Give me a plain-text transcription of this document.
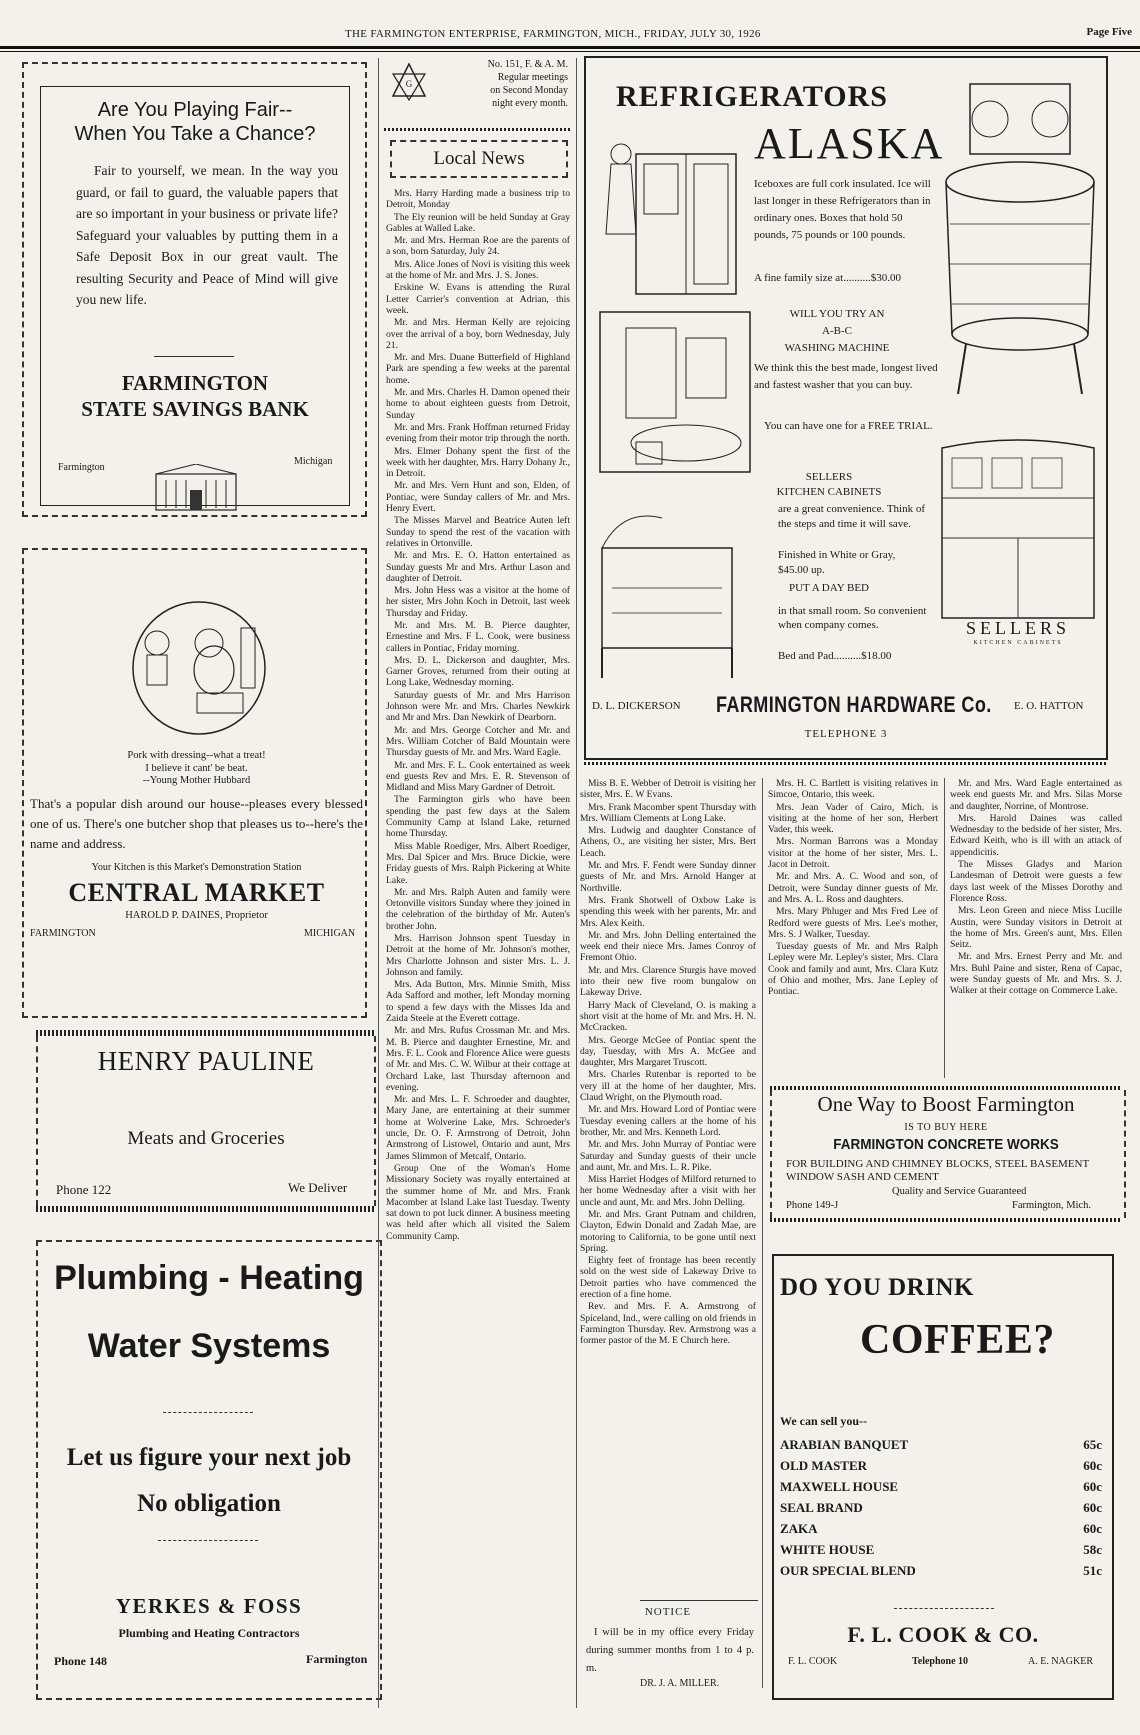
THE FARMINGTON ENTERPRISE, FARMINGTON, MICH., FRIDAY, JULY 30, 1926	Page Five
Are You Playing Fair--
When You Take a Chance?
Fair to yourself, we mean. In the way you guard, or fail to guard, the valuable papers that are so important in your business or private life? Safeguard your valuables by putting them in a Safe Deposit Box in our great vault. The resulting Security and Peace of Mind will give you new life.
FARMINGTON
STATE SAVINGS BANK
Farmington
Michigan
Pork with dressing--what a treat!
I believe it cant' be beat.
--Young Mother Hubbard
That's a popular dish around our house--pleases every blessed one of us. There's one butcher shop that pleases us to--here's the name and address.
Your Kitchen is this Market's Demonstration Station
CENTRAL MARKET
HAROLD P. DAINES, Proprietor
FARMINGTON	MICHIGAN
HENRY PAULINE
Meats and Groceries
Phone 122	We Deliver
Plumbing - Heating
Water Systems
Let us figure your next job
No obligation
YERKES & FOSS
Plumbing and Heating Contractors
Phone 148	Farmington
G
No. 151, F. & A. M.
Regular meetings
on Second Monday
night every month.
Local News

Mrs. Harry Harding made a business trip to Detroit, Monday

The Ely reunion will be held Sunday at Gray Gables at Walled Lake.

Mr. and Mrs. Herman Roe are the parents of a son, born Saturday, July 24.

Mrs. Alice Jones of Novi is visiting this week at the home of Mr. and Mrs. J. S. Jones.

Erskine W. Evans is attending the Rural Letter Carrier's convention at Adrian, this week.

Mr. and Mrs. Herman Kelly are rejoicing over the arrival of a boy, born Wednesday, July 21.

Mr. and Mrs. Duane Butterfield of Highland Park are spending a few weeks at the parental home.

Mr. and Mrs. Charles H. Damon opened their home to about eighteen guests from Detroit, Sunday

Mr. and Mrs. Frank Hoffman returned Friday evening from their motor trip through the north.

Mrs. Elmer Dohany spent the first of the week with her daughter, Mrs. Harry Dohany Jr., in Detroit.

Mr. and Mrs. Vern Hunt and son, Elden, of Pontiac, were Sunday callers of Mr. and Mrs. Henry Evert.

The Misses Marvel and Beatrice Auten left Sunday to spend the rest of the vacation with relatives in Ortonville.

Mr. and Mrs. E. O. Hatton entertained as Sunday guests Mr and Mrs. Arthur Lason and daughter of Detroit.

Mrs. John Hess was a visitor at the home of her sister, Mrs John Koch in Detroit, last week Thursday and Friday.

Mr. and Mrs. M. B. Pierce daughter, Ernestine and Mrs. F L. Cook, were business callers in Pontiac, Friday morning.

Mrs. D. L. Dickerson and daughter, Mrs. Garner Groves, returned from their outing at Long Lake, Wednesday morning.

Saturday guests of Mr. and Mrs Harrison Johnson were Mr. and Mrs. Charles Newkirk and Mr and Mrs. Dan Newkirk of Dearborn.

Mr. and Mrs. George Cotcher and Mr. and Mrs. William Cotcher of Bald Mountain were Thursday guests of Mr. and Mrs. Ward Eagle.

Mr. and Mrs. F. L. Cook entertained as week end guests Rev and Mrs. E. R. Stevenson of Midland and Miss Mary Gardner of Detroit.

The Farmington girls who have been spending the past few days at the Salem Community Camp at Island Lake, returned home Thursday.

Miss Mable Roediger, Mrs. Albert Roediger, Mrs. Dal Spicer and Mrs. Bruce Dickie, were Friday guests of Mrs. Ralph Pickering at White Lake.

Mr. and Mrs. Ralph Auten and family were Ortonville visitors Sunday where they joined in the celebration of the birthday of Mr. Auten's brother John.

Mrs. Harrison Johnson spent Tuesday in Detroit at the home of Mr. Johnson's mother, Mrs Charlotte Johnson and sister Mrs. L. J. Johnson and family.

Mrs. Ada Button, Mrs. Minnie Smith, Miss Ada Safford and mother, left Monday morning to spend a few days with the Misses Ida and Zaida Steele at the Everett cottage.

Mr. and Mrs. Rufus Crossman Mr. and Mrs. M. B. Pierce and daughter Ernestine, Mr. and Mrs. F. L. Cook and Florence Alice were guests of Mr. and Mrs. C. W. Wilbur at their cottage at Orchard Lake, last Thursday afternoon and evening.

Mr. and Mrs. L. F. Schroeder and daughter, Mary Jane, are entertaining at their summer home at Wolverine Lake, Mrs. Schroeder's uncle, Dr. O. F. Armstrong of Detroit, John Armstrong of Listowel, Ontario and aunt, Mrs James Slimmon of Metcalf, Ontario.

Group One of the Woman's Home Missionary Society was royally entertained at the summer home of Mr. and Mrs. Frank Macomber at Island Lake last Tuesday. Twenty sat down to pot luck dinner. A business meeting was held after which all visited the Salem Community Camp.

REFRIGERATORS
ALASKA
Iceboxes are full cork insulated. Ice will last longer in these Refrigerators than in ordinary ones. Boxes that hold 50 pounds, 75 pounds or 100 pounds.
A fine family size at..........$30.00
WILL YOU TRY AN
A-B-C
WASHING MACHINE
We think this the best made, longest lived and fastest washer that you can buy.
You can have one for a FREE TRIAL.
SELLERS
KITCHEN CABINETS
are a great convenience. Think of the steps and time it will save.
Finished in White or Gray, $45.00 up.
SELLERS
KITCHEN CABINETS
PUT A DAY BED
in that small room. So convenient when company comes.
Bed and Pad..........$18.00
D. L. DICKERSON FARMINGTON HARDWARE Co. E. O. HATTON
TELEPHONE 3

Miss B. E. Webber of Detroit is visiting her sister, Mrs. E. W Evans.

Mrs. Frank Macomber spent Thursday with Mrs. William Clements at Long Lake.

Mrs. Ludwig and daughter Constance of Athens, O., are visiting her sister, Mrs. Bert Leach.

Mr. and Mrs. F. Fendt were Sunday dinner guests of Mr. and Mrs. Arnold Hanger at Northville.

Mrs. Frank Shotwell of Oxbow Lake is spending this week with her parents, Mr. and Mrs. Alex Keith.

Mr. and Mrs. John Delling entertained the week end their niece Mrs. James Conroy of Fremont Ohio.

Mr. and Mrs. Clarence Sturgis have moved into their new five room bungalow on Lakeway Drive.

Harry Mack of Cleveland, O. is making a short visit at the home of Mr. and Mrs. H. N. McCracken.

Mrs. George McGee of Pontiac spent the day, Tuesday, with Mrs A. McGee and daughter, Mrs Margaret Truscott.

Mrs. Charles Rutenbar is reported to be very ill at the home of her daughter, Mrs. Claud Wright, on the Plymouth road.

Mr. and Mrs. Howard Lord of Pontiac were Tuesday evening callers at the home of his brother, Mr. and Mrs. Kenneth Lord.

Mr. and Mrs. John Murray of Pontiac were Saturday and Sunday guests of their uncle and aunt, Mr. and Mrs. L. R. Pike.

Miss Harriet Hodges of Milford returned to her home Wednesday after a visit with her uncle and aunt, Mr. and Mrs. John Delling.

Mr. and Mrs. Grant Putnam and children, Clayton, Edwin Donald and Zadah Mae, are motoring to California, to be gone until next Spring.

Eighty feet of frontage has been recently sold on the west side of Lakeway Drive to Detroit parties who have commenced the erection of a fine home.

Rev. and Mrs. F. A. Armstrong of Spiceland, Ind., were calling on old friends in Farmington Thursday. Rev. Armstrong was a former pastor of the M. E Church here.

Mrs. H. C. Bartlett is visiting relatives in Simcoe, Ontario, this week.

Mrs. Jean Vader of Cairo, Mich. is visiting at the home of her son, Herbert Vader, this week.

Mrs. Norman Barrons was a Monday visitor at the home of her sister, Mrs. L. Jacot in Detroit.

Mr. and Mrs. A. C. Wood and son, of Detroit, were Sunday dinner guests of Mr. and Mrs. A. L. Ross and daughters.

Mrs. Mary Phluger and Mrs Fred Lee of Redford were guests of Mrs. Lee's mother, Mrs. S. J Walker, Tuesday.

Tuesday guests of Mr. and Mrs Ralph Lepley were Mr. Lepley's sister, Mrs. Clara Cook and family and aunt, Mrs. Clara Kutz of Ohio and mother, Mrs. Jane Lepley of Pontiac.

Mr. and Mrs. Ward Eagle entertained as week end guests Mr. and Mrs. Silas Morse and daughter, Norrine, of Montrose.

Mrs. Harold Daines was called Wednesday to the bedside of her sister, Mrs. Edward Keith, who is ill with an attack of appendicitis.

The Misses Gladys and Marion Landesman of Detroit were guests a few days last week of the Misses Dorothy and Florence Ross.

Mrs. Leon Green and niece Miss Lucille Austin, were Sunday visitors in Detroit at the home of Mrs. Green's aunt, Mrs. Ellen Seitz.

Mr. and Mrs. Ernest Perry and Mr. and Mrs. Buhl Paine and sister, Rena of Capac, were Sunday guests of Mr. and Mrs. S. J. Walker at their cottage on Commerce Lake.

NOTICE
I will be in my office every Friday during summer months from 1 to 4 p. m.
DR. J. A. MILLER.
One Way to Boost Farmington
IS TO BUY HERE
FARMINGTON CONCRETE WORKS
FOR BUILDING AND CHIMNEY BLOCKS, STEEL BASEMENT WINDOW SASH AND CEMENT
Quality and Service Guaranteed
Phone 149-J	Farmington, Mich.
DO YOU DRINK
COFFEE?
We can sell you--
ARABIAN BANQUET	65c
OLD MASTER	60c
MAXWELL HOUSE	60c
SEAL BRAND	60c
ZAKA	60c
WHITE HOUSE	58c
OUR SPECIAL BLEND	51c
F. L. COOK & CO.
F. L. COOK	Telephone 10	A. E. NAGKER
